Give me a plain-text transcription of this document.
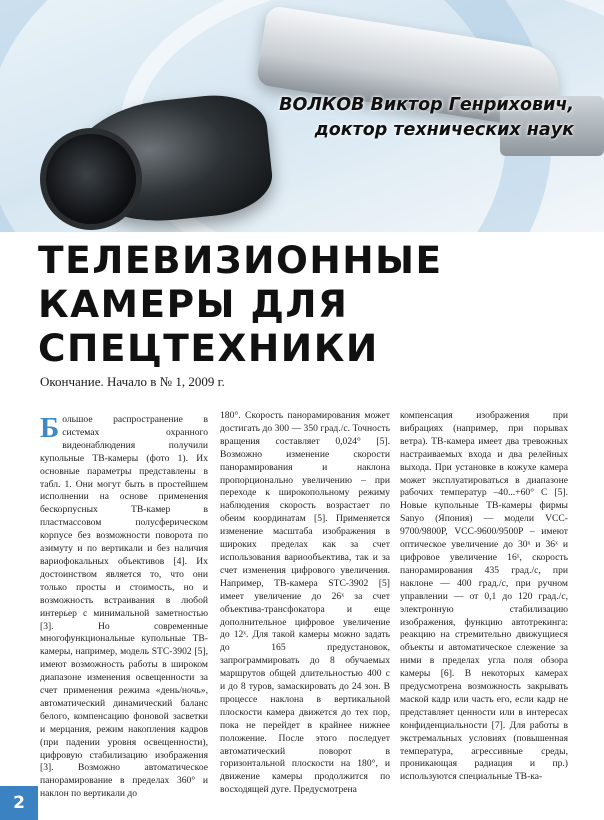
ВОЛКОВ Виктор Генрихович,
доктор технических наук
ТЕЛЕВИЗИОННЫЕ
КАМЕРЫ ДЛЯ
СПЕЦТЕХНИКИ
Окончание. Начало в № 1, 2009 г.
Большое распространение в системах охранного видеонаблюдения получили купольные ТВ-камеры (фото 1). Их основные параметры представлены в табл. 1. Они могут быть в простейшем исполнении на основе применения бескорпусных ТВ-камер в пластмассовом полусферическом корпусе без возможности поворота по азимуту и по вертикали и без наличия вариофокальных объективов [4]. Их достоинством является то, что они только просты и стоимость, но и возможность встраивания в любой интерьер с минимальной заметностью [3]. Но современные многофункциональные купольные ТВ-камеры, например, модель STC-3902 [5], имеют возможность работы в широком диапазоне изменения освещенности за счет применения режима «день/ночь», автоматический динамический баланс белого, компенсацию фоновой засветки и мерцания, режим накопления кадров (при падении уровня освещенности), цифровую стабилизацию изображения [3]. Возможно автоматическое панорамирование в пределах 360° и наклон по вертикали до
180°. Скорость панорамирования может достигать до 300 — 350 град./с. Точность вращения составляет 0,024° [5]. Возможно изменение скорости панорамирования и наклона пропорционально увеличению – при переходе к широкопольному режиму наблюдения скорость возрастает по обеим координатам [5]. Применяется изменение масштаба изображения в широких пределах как за счет использования вариообъектива, так и за счет изменения цифрового увеличения. Например, ТВ-камера STC-3902 [5] имеет увеличение до 26ˣ за счет объектива-трансфокатора и еще дополнительное цифровое увеличение до 12ˣ. Для такой камеры можно задать до 165 предустановок, запрограммировать до 8 обучаемых маршрутов общей длительностью 400 с и до 8 туров, замаскировать до 24 зон. В процессе наклона в вертикальной плоскости камера движется до тех пор, пока не перейдет в крайнее нижнее положение. После этого последует автоматический поворот в горизонтальной плоскости на 180°, и движение камеры продолжится по восходящей дуге. Предусмотрена
компенсация изображения при вибрациях (например, при порывах ветра). ТВ-камера имеет два тревожных настраиваемых входа и два релейных выхода. При установке в кожухе камера может эксплуатироваться в диапазоне рабочих температур –40...+60° С [5]. Новые купольные ТВ-камеры фирмы Sanyo (Япония) — модели VCC-9700/9800P, VCC-9600/9500P – имеют оптическое увеличение до 30ˣ и 36ˣ и цифровое увеличение 16ˣ, скорость панорамирования 435 град./с, при наклоне — 400 град./с, при ручном управлении — от 0,1 до 120 град./с, электронную стабилизацию изображения, функцию автотрекинга: реакцию на стремительно движущиеся объекты и автоматическое слежение за ними в пределах угла поля обзора камеры [6]. В некоторых камерах предусмотрена возможность закрывать маской кадр или часть его, если кадр не представляет ценности или в интересах конфиденциальности [7]. Для работы в экстремальных условиях (повышенная температура, агрессивные среды, проникающая радиация и пр.) используются специальные ТВ-ка-
2
